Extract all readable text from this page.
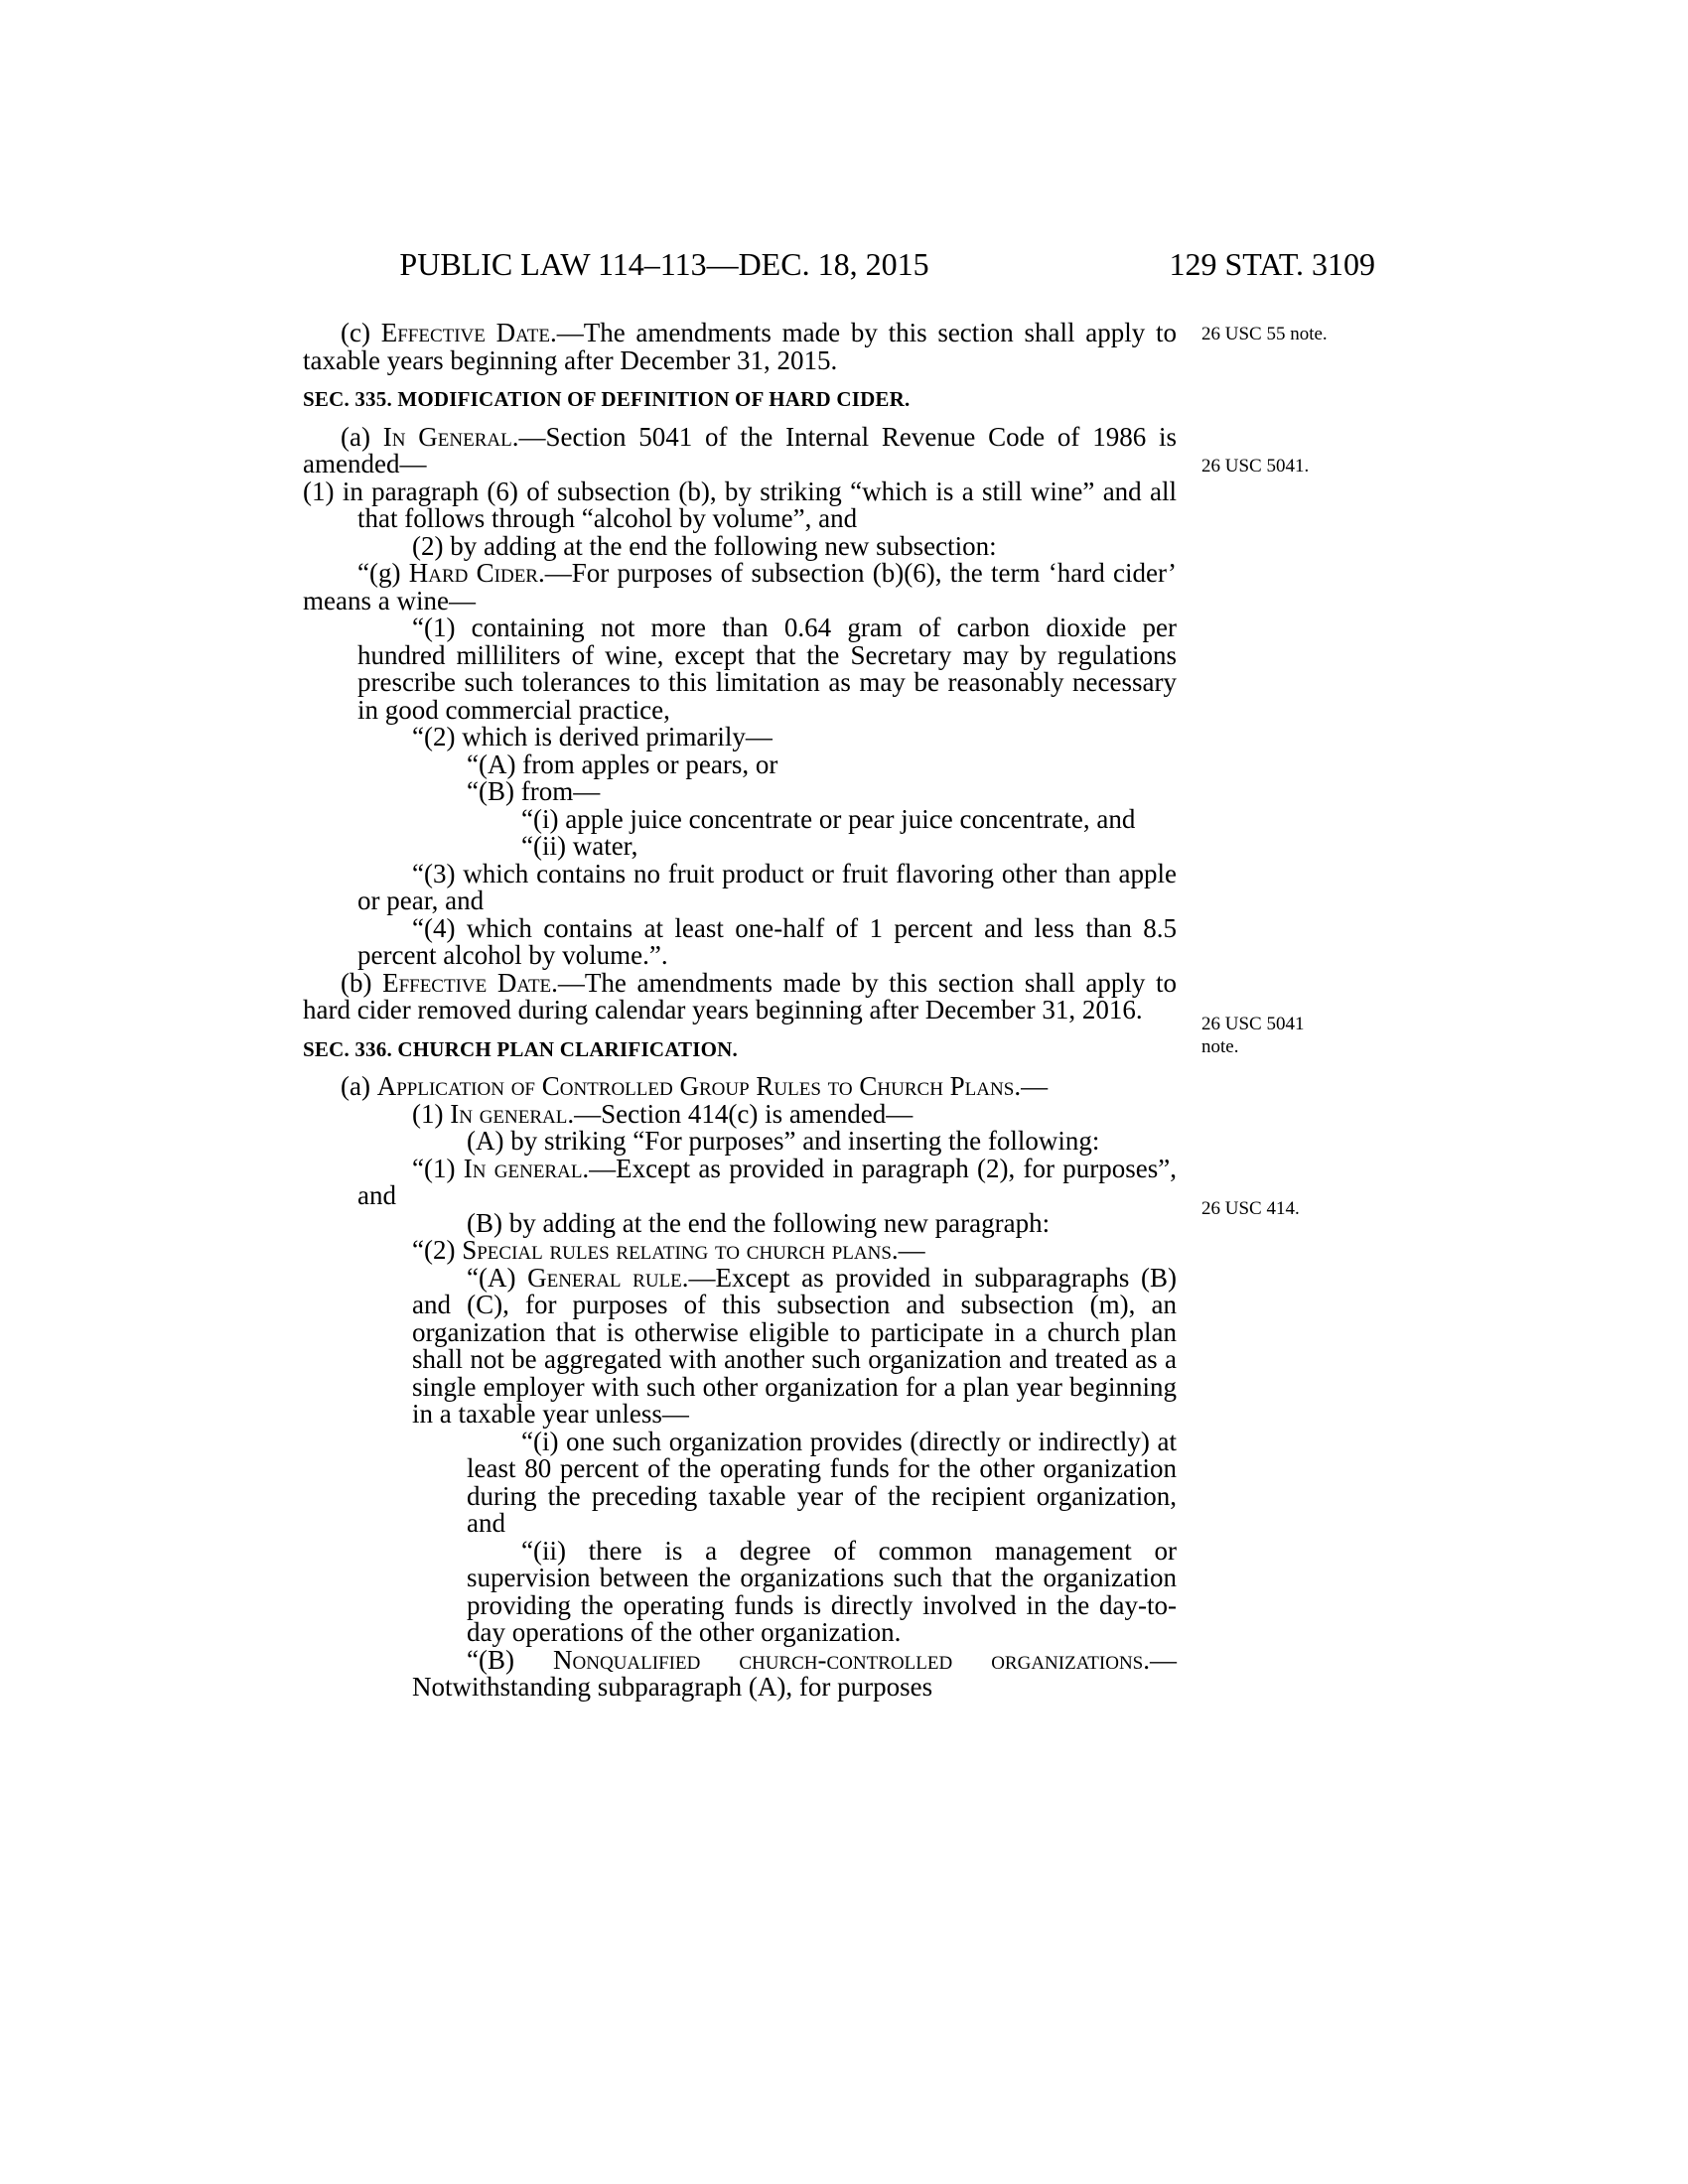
PUBLIC LAW 114–113—DEC. 18, 2015	129 STAT. 3109
26 USC 55 note.
26 USC 5041.
26 USC 5041
note.
26 USC 414.

(c) Effective Date.—The amendments made by this section shall apply to taxable years beginning after December 31, 2015.

SEC. 335. MODIFICATION OF DEFINITION OF HARD CIDER.

(a) In General.—Section 5041 of the Internal Revenue Code of 1986 is amended—

(1) in paragraph (6) of subsection (b), by striking “which is a still wine” and all that follows through “alcohol by volume”, and

(2) by adding at the end the following new subsection:

“(g) Hard Cider.—For purposes of subsection (b)(6), the term ‘hard cider’ means a wine—

“(1) containing not more than 0.64 gram of carbon dioxide per hundred milliliters of wine, except that the Secretary may by regulations prescribe such tolerances to this limitation as may be reasonably necessary in good commercial practice,

“(2) which is derived primarily—

“(A) from apples or pears, or

“(B) from—

“(i) apple juice concentrate or pear juice concentrate, and

“(ii) water,

“(3) which contains no fruit product or fruit flavoring other than apple or pear, and

“(4) which contains at least one-half of 1 percent and less than 8.5 percent alcohol by volume.”.

(b) Effective Date.—The amendments made by this section shall apply to hard cider removed during calendar years beginning after December 31, 2016.

SEC. 336. CHURCH PLAN CLARIFICATION.

(a) Application of Controlled Group Rules to Church Plans.—

(1) In general.—Section 414(c) is amended—

(A) by striking “For purposes” and inserting the following:

“(1) In general.—Except as provided in paragraph (2), for purposes”, and

(B) by adding at the end the following new paragraph:

“(2) Special rules relating to church plans.—

“(A) General rule.—Except as provided in subparagraphs (B) and (C), for purposes of this subsection and subsection (m), an organization that is otherwise eligible to participate in a church plan shall not be aggregated with another such organization and treated as a single employer with such other organization for a plan year beginning in a taxable year unless—

“(i) one such organization provides (directly or indirectly) at least 80 percent of the operating funds for the other organization during the preceding taxable year of the recipient organization, and

“(ii) there is a degree of common management or supervision between the organizations such that the organization providing the operating funds is directly involved in the day-to-day operations of the other organization.

“(B) Nonqualified church-controlled organizations.—Notwithstanding subparagraph (A), for purposes
